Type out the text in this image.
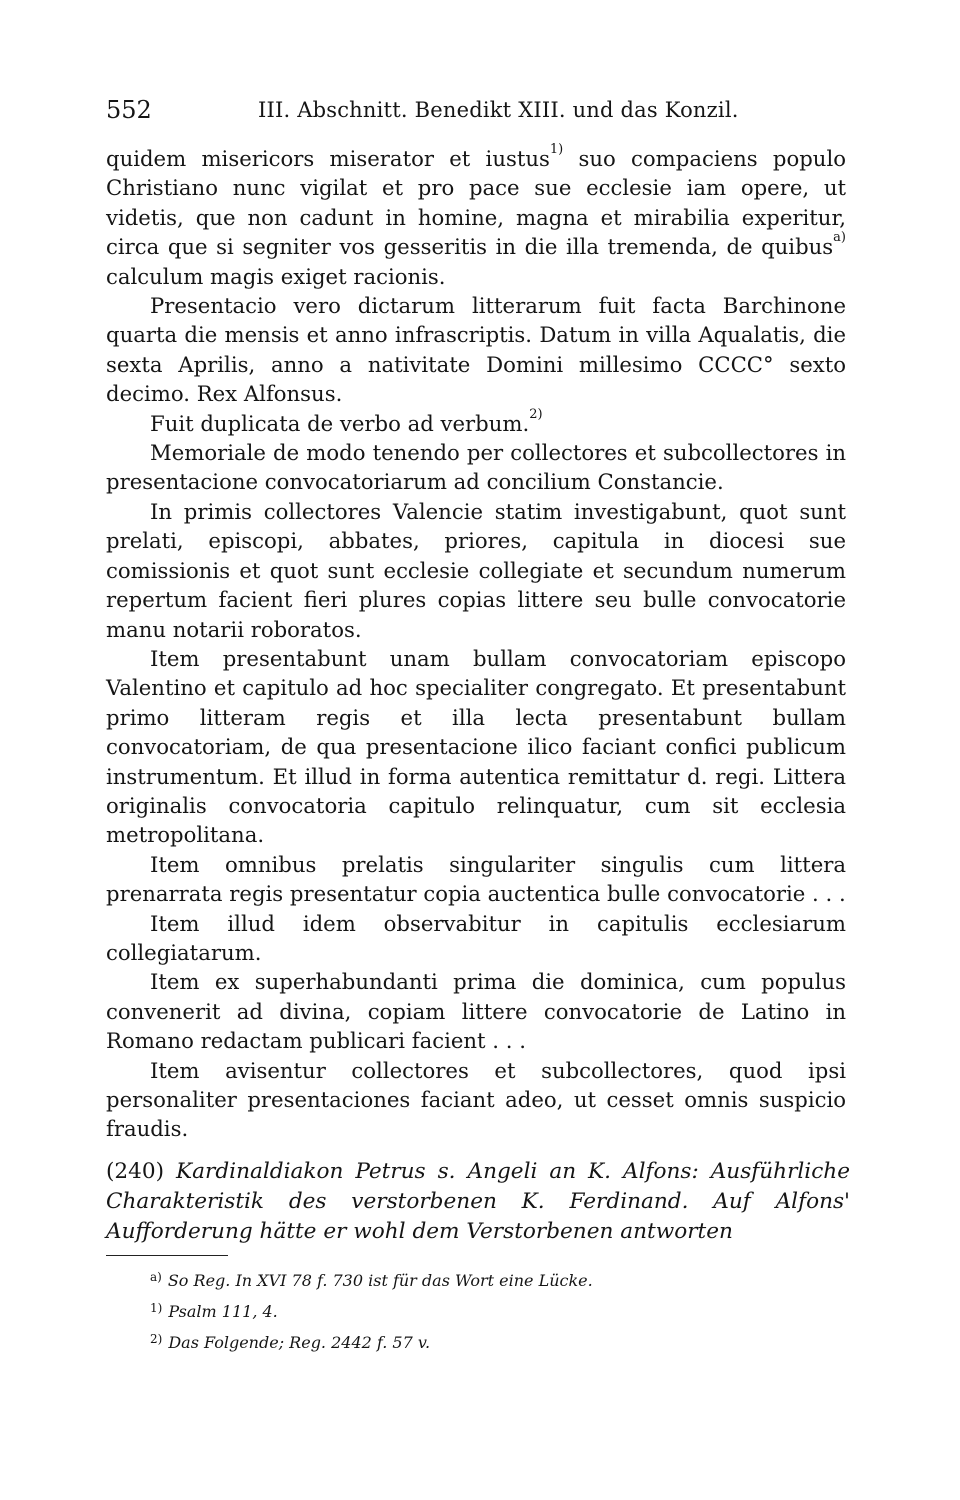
552	III. Abschnitt. Benedikt XIII. und das Konzil.

quidem misericors miserator et iustus$^{1)}$ suo compaciens populo Christiano nunc vigilat et pro pace sue ecclesie iam opere, ut videtis, que non cadunt in homine, magna et mirabilia experitur, circa que si segniter vos gesseritis in die illa tremenda, de quibus$^{a)}$ calculum magis exiget racionis.

Presentacio vero dictarum litterarum fuit facta Barchinone quarta die mensis et anno infrascriptis. Datum in villa Aqualatis, die sexta Aprilis, anno a nativitate Domini millesimo CCCC° sexto decimo. Rex Alfonsus.

Fuit duplicata de verbo ad verbum.$^{2)}$

Memoriale de modo tenendo per collectores et subcollectores in presentacione convocatoriarum ad concilium Constancie.

In primis collectores Valencie statim investigabunt, quot sunt prelati, episcopi, abbates, priores, capitula in diocesi sue comissionis et quot sunt ecclesie collegiate et secundum numerum repertum facient fieri plures copias littere seu bulle convocatorie manu notarii roboratos.

Item presentabunt unam bullam convocatoriam episcopo Valentino et capitulo ad hoc specialiter congregato. Et presentabunt primo litteram regis et illa lecta presentabunt bullam convocatoriam, de qua presentacione ilico faciant confici publicum instrumentum. Et illud in forma autentica remittatur d. regi. Littera originalis convocatoria capitulo relinquatur, cum sit ecclesia metropolitana.

Item omnibus prelatis singulariter singulis cum littera prenarrata regis presentatur copia auctentica bulle convocatorie . . .

Item illud idem observabitur in capitulis ecclesiarum collegiatarum.

Item ex superhabundanti prima die dominica, cum populus convenerit ad divina, copiam littere convocatorie de Latino in Romano redactam publicari facient . . .

Item avisentur collectores et subcollectores, quod ipsi personaliter presentaciones faciant adeo, ut cesset omnis suspicio fraudis.

(240) Kardinaldiakon Petrus s. Angeli an K. Alfons: Ausführliche Charakteristik des verstorbenen K. Ferdinand. Auf Alfons' Aufforderung hätte er wohl dem Verstorbenen antworten
$^{a)}$ So Reg. In XVI 78 f. 730 ist für das Wort eine Lücke.
$^{1)}$ Psalm 111, 4.
$^{2)}$ Das Folgende; Reg. 2442 f. 57 v.
